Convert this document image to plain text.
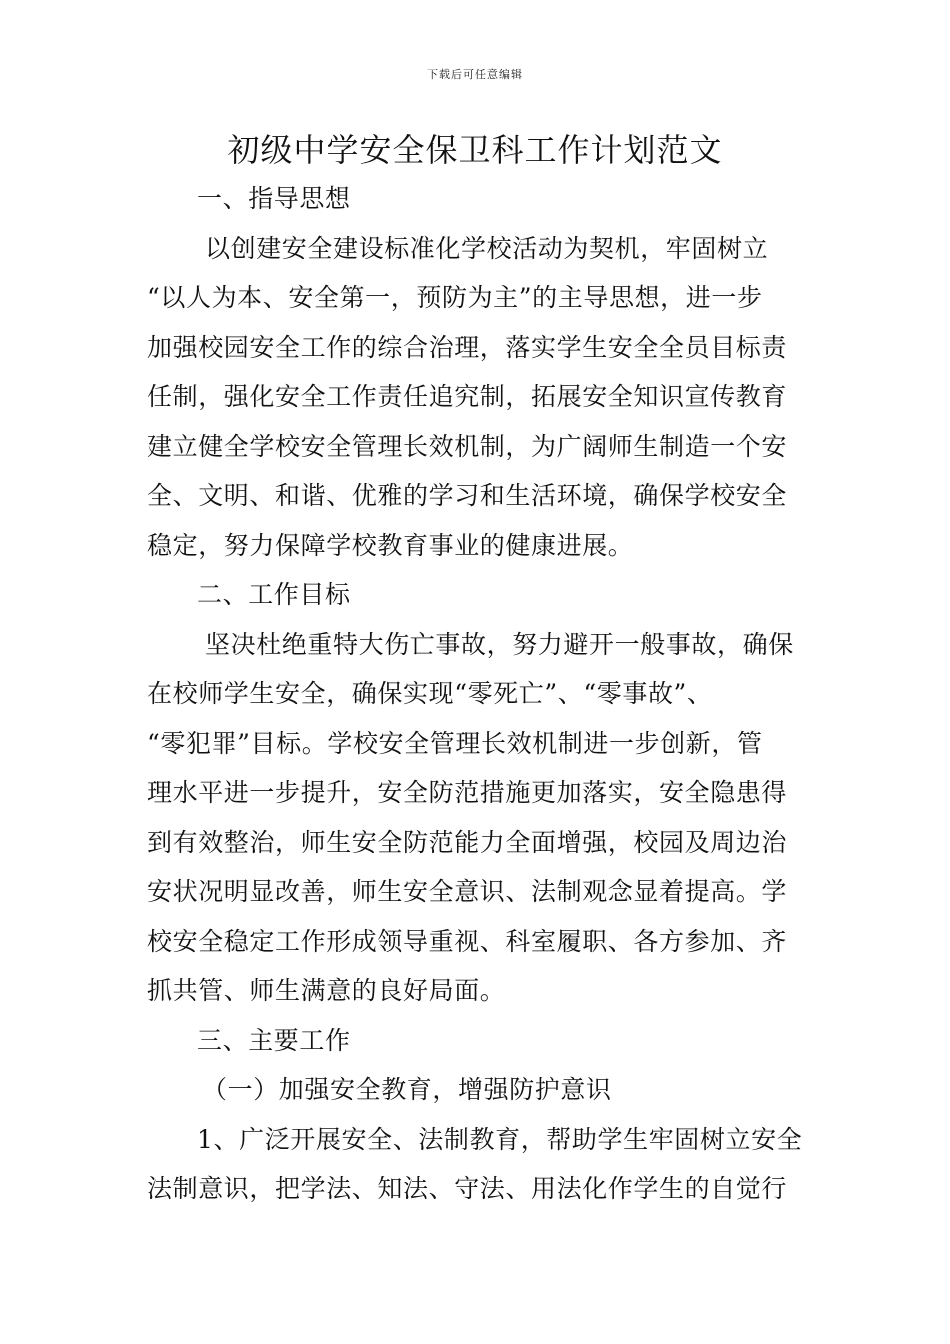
下载后可任意编辑
初级中学安全保卫科工作计划范文
一、指导思想
以创建安全建设标准化学校活动为契机，牢固树立
“以人为本、安全第一，预防为主”的主导思想，进一步
加强校园安全工作的综合治理，落实学生安全全员目标责
任制，强化安全工作责任追究制，拓展安全知识宣传教育
建立健全学校安全管理长效机制，为广阔师生制造一个安
全、文明、和谐、优雅的学习和生活环境，确保学校安全
稳定，努力保障学校教育事业的健康进展。
二、工作目标
坚决杜绝重特大伤亡事故，努力避开一般事故，确保
在校师学生安全，确保实现“零死亡”、“零事故”、
“零犯罪”目标。学校安全管理长效机制进一步创新，管
理水平进一步提升，安全防范措施更加落实，安全隐患得
到有效整治，师生安全防范能力全面增强，校园及周边治
安状况明显改善，师生安全意识、法制观念显着提高。学
校安全稳定工作形成领导重视、科室履职、各方参加、齐
抓共管、师生满意的良好局面。
三、主要工作
（一）加强安全教育，增强防护意识
1、广泛开展安全、法制教育，帮助学生牢固树立安全
法制意识，把学法、知法、守法、用法化作学生的自觉行
